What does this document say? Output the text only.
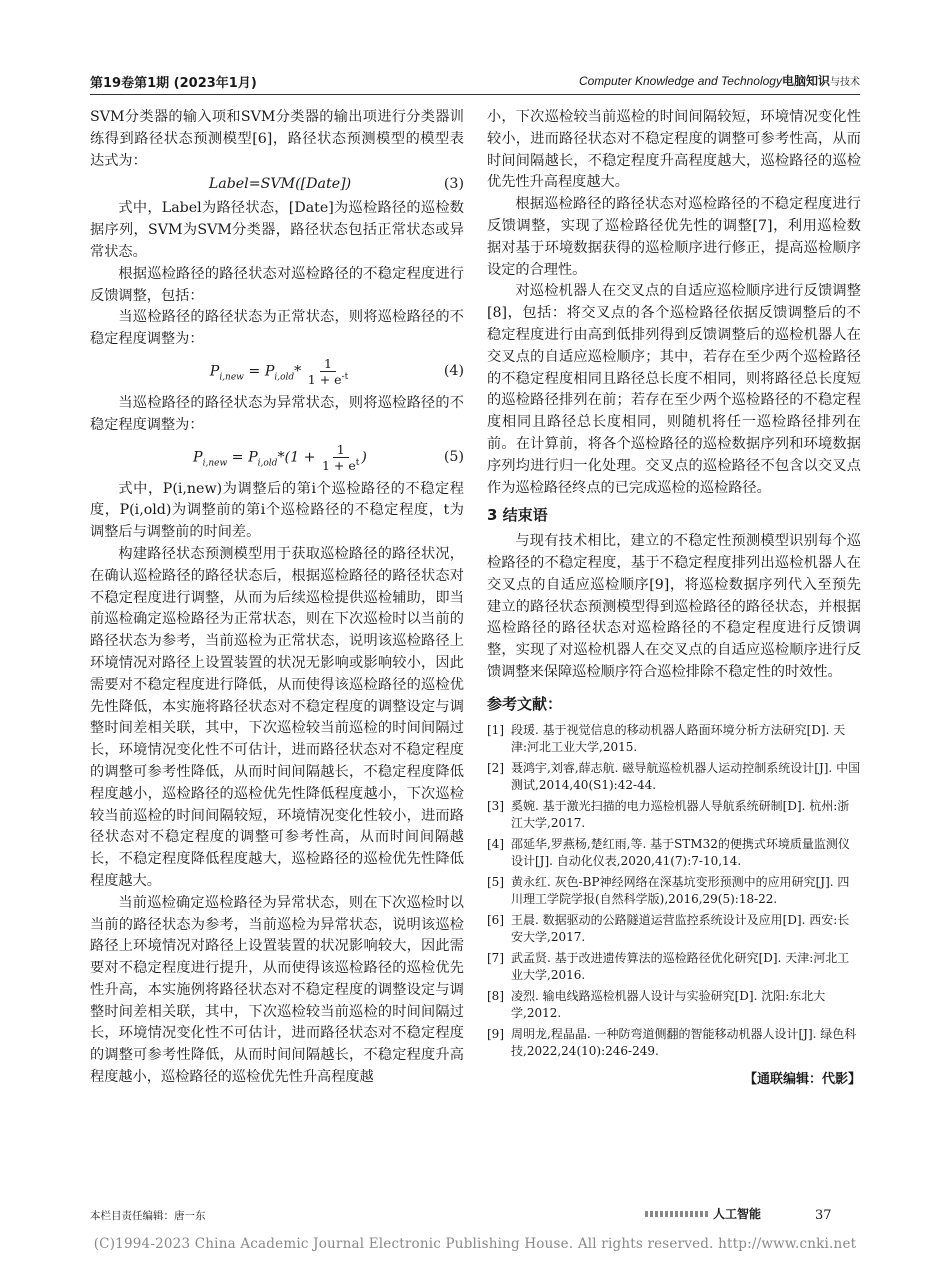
第19卷第1期 (2023年1月)	Computer Knowledge and Technology电脑知识与技术

SVM分类器的输入项和SVM分类器的输出项进行分类器训练得到路径状态预测模型[6]，路径状态预测模型的模型表达式为：

Label=SVM([Date])	(3)

式中，Label为路径状态，[Date]为巡检路径的巡检数据序列，SVM为SVM分类器，路径状态包括正常状态或异常状态。

根据巡检路径的路径状态对巡检路径的不稳定程度进行反馈调整，包括：

当巡检路径的路径状态为正常状态，则将巡检路径的不稳定程度调整为：

$P_{i,new} = P_{i,old}* \frac{1}{1 + e^{-t}}$	(4)

当巡检路径的路径状态为异常状态，则将巡检路径的不稳定程度调整为：

$P_{i,new} = P_{i,old}*(1 + \frac{1}{1 + e^t}$ )	(5)

式中，P(i,new)为调整后的第i个巡检路径的不稳定程度，P(i,old)为调整前的第i个巡检路径的不稳定程度，t为调整后与调整前的时间差。

构建路径状态预测模型用于获取巡检路径的路径状况，在确认巡检路径的路径状态后，根据巡检路径的路径状态对不稳定程度进行调整，从而为后续巡检提供巡检辅助，即当前巡检确定巡检路径为正常状态，则在下次巡检时以当前的路径状态为参考，当前巡检为正常状态，说明该巡检路径上环境情况对路径上设置装置的状况无影响或影响较小，因此需要对不稳定程度进行降低，从而使得该巡检路径的巡检优先性降低，本实施将路径状态对不稳定程度的调整设定与调整时间差相关联，其中，下次巡检较当前巡检的时间间隔过长，环境情况变化性不可估计，进而路径状态对不稳定程度的调整可参考性降低，从而时间间隔越长，不稳定程度降低程度越小，巡检路径的巡检优先性降低程度越小，下次巡检较当前巡检的时间间隔较短，环境情况变化性较小，进而路径状态对不稳定程度的调整可参考性高，从而时间间隔越长，不稳定程度降低程度越大，巡检路径的巡检优先性降低程度越大。

当前巡检确定巡检路径为异常状态，则在下次巡检时以当前的路径状态为参考，当前巡检为异常状态，说明该巡检路径上环境情况对路径上设置装置的状况影响较大，因此需要对不稳定程度进行提升，从而使得该巡检路径的巡检优先性升高，本实施例将路径状态对不稳定程度的调整设定与调整时间差相关联，其中，下次巡检较当前巡检的时间间隔过长，环境情况变化性不可估计，进而路径状态对不稳定程度的调整可参考性降低，从而时间间隔越长，不稳定程度升高程度越小，巡检路径的巡检优先性升高程度越

小，下次巡检较当前巡检的时间间隔较短，环境情况变化性较小，进而路径状态对不稳定程度的调整可参考性高，从而时间间隔越长，不稳定程度升高程度越大，巡检路径的巡检优先性升高程度越大。

根据巡检路径的路径状态对巡检路径的不稳定程度进行反馈调整，实现了巡检路径优先性的调整[7]，利用巡检数据对基于环境数据获得的巡检顺序进行修正，提高巡检顺序设定的合理性。

对巡检机器人在交叉点的自适应巡检顺序进行反馈调整[8]，包括：将交叉点的各个巡检路径依据反馈调整后的不稳定程度进行由高到低排列得到反馈调整后的巡检机器人在交叉点的自适应巡检顺序；其中，若存在至少两个巡检路径的不稳定程度相同且路径总长度不相同，则将路径总长度短的巡检路径排列在前；若存在至少两个巡检路径的不稳定程度相同且路径总长度相同，则随机将任一巡检路径排列在前。在计算前，将各个巡检路径的巡检数据序列和环境数据序列均进行归一化处理。交叉点的巡检路径不包含以交叉点作为巡检路径终点的已完成巡检的巡检路径。

3 结束语

与现有技术相比，建立的不稳定性预测模型识别每个巡检路径的不稳定程度，基于不稳定程度排列出巡检机器人在交叉点的自适应巡检顺序[9]，将巡检数据序列代入至预先建立的路径状态预测模型得到巡检路径的路径状态，并根据巡检路径的路径状态对巡检路径的不稳定程度进行反馈调整，实现了对巡检机器人在交叉点的自适应巡检顺序进行反馈调整来保障巡检顺序符合巡检排除不稳定性的时效性。

参考文献：
[1] 段瑗. 基于视觉信息的移动机器人路面环境分析方法研究[D]. 天津:河北工业大学,2015.
[2] 聂鸿宇,刘睿,薛志航. 磁导航巡检机器人运动控制系统设计[J]. 中国测试,2014,40(S1):42-44.
[3] 奚婉. 基于激光扫描的电力巡检机器人导航系统研制[D]. 杭州:浙江大学,2017.
[4] 邵延华,罗燕杨,楚红雨,等. 基于STM32的便携式环境质量监测仪设计[J]. 自动化仪表,2020,41(7):7-10,14.
[5] 黄永红. 灰色-BP神经网络在深基坑变形预测中的应用研究[J]. 四川理工学院学报(自然科学版),2016,29(5):18-22.
[6] 王晨. 数据驱动的公路隧道运营监控系统设计及应用[D]. 西安:长安大学,2017.
[7] 武孟贤. 基于改进遗传算法的巡检路径优化研究[D]. 天津:河北工业大学,2016.
[8] 凌烈. 输电线路巡检机器人设计与实验研究[D]. 沈阳:东北大学,2012.
[9] 周明龙,程晶晶. 一种防弯道侧翻的智能移动机器人设计[J]. 绿色科技,2022,24(10):246-249.
【通联编辑：代影】
本栏目责任编辑：唐一东	人工智能	37
(C)1994-2023 China Academic Journal Electronic Publishing House. All rights reserved. http://www.cnki.net
